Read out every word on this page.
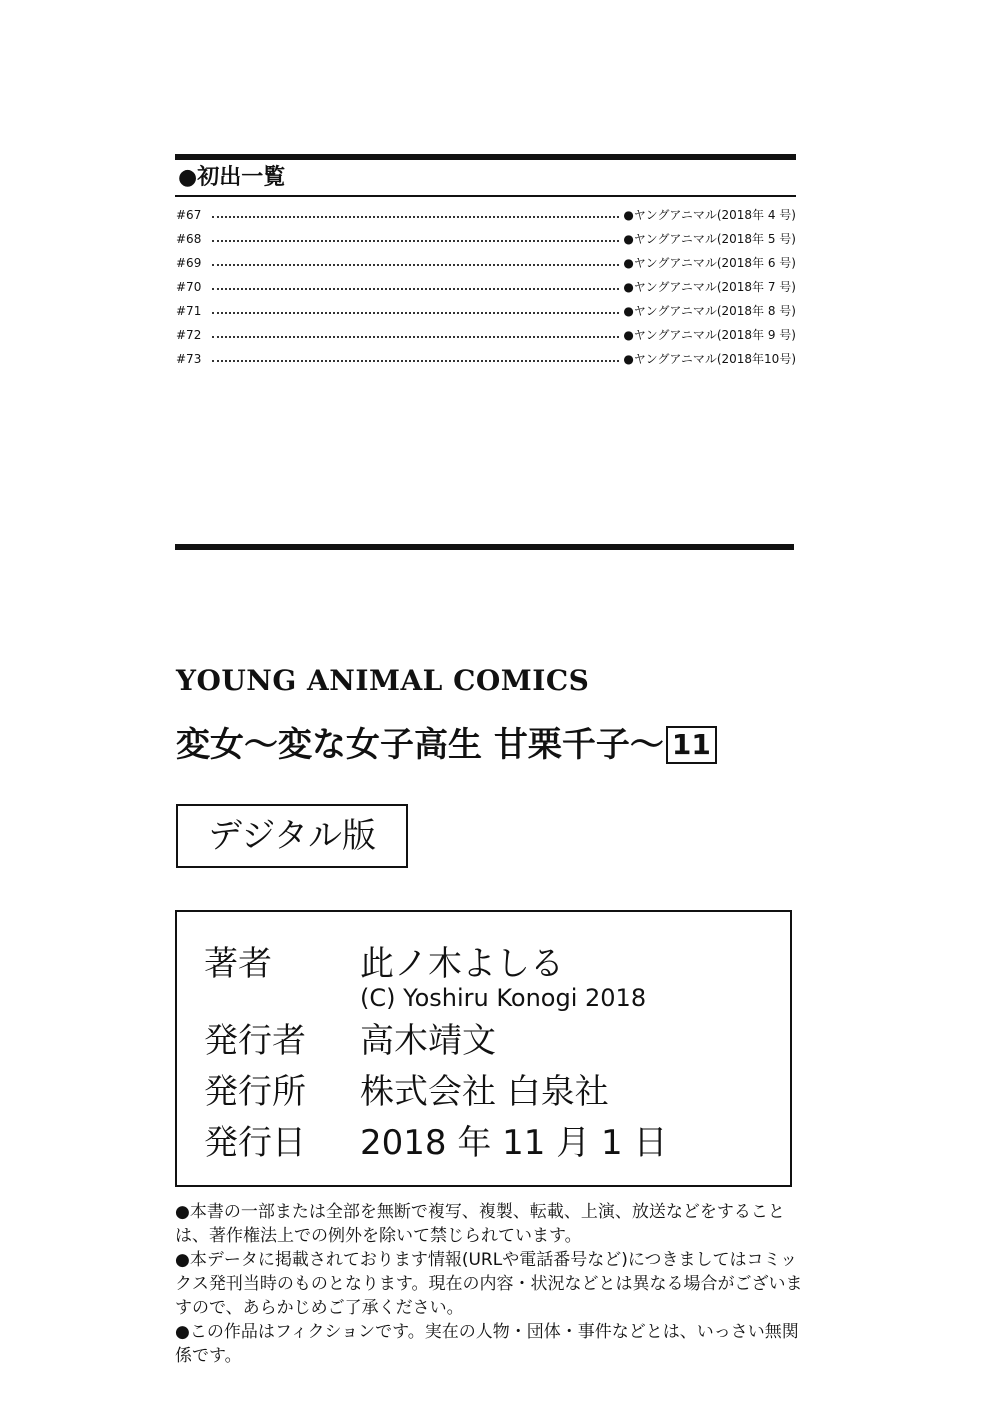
●初出一覧
#67	●ヤングアニマル(2018年 4 号)
#68	●ヤングアニマル(2018年 5 号)
#69	●ヤングアニマル(2018年 6 号)
#70	●ヤングアニマル(2018年 7 号)
#71	●ヤングアニマル(2018年 8 号)
#72	●ヤングアニマル(2018年 9 号)
#73	●ヤングアニマル(2018年10号)
YOUNG ANIMAL COMICS
変女〜変な女子高生 甘栗千子〜 11
デジタル版
著者	此ノ木よしる
(C) Yoshiru Konogi 2018
発行者 高木靖文
発行所 株式会社 白泉社
発行日 2018 年 11 月 1 日

●本書の一部または全部を無断で複写、複製、転載、上演、放送などをすることは、著作権法上での例外を除いて禁じられています。

●本データに掲載されております情報(URLや電話番号など)につきましてはコミックス発刊当時のものとなります。現在の内容・状況などとは異なる場合がございますので、あらかじめご了承ください。

●この作品はフィクションです。実在の人物・団体・事件などとは、いっさい無関係です。
